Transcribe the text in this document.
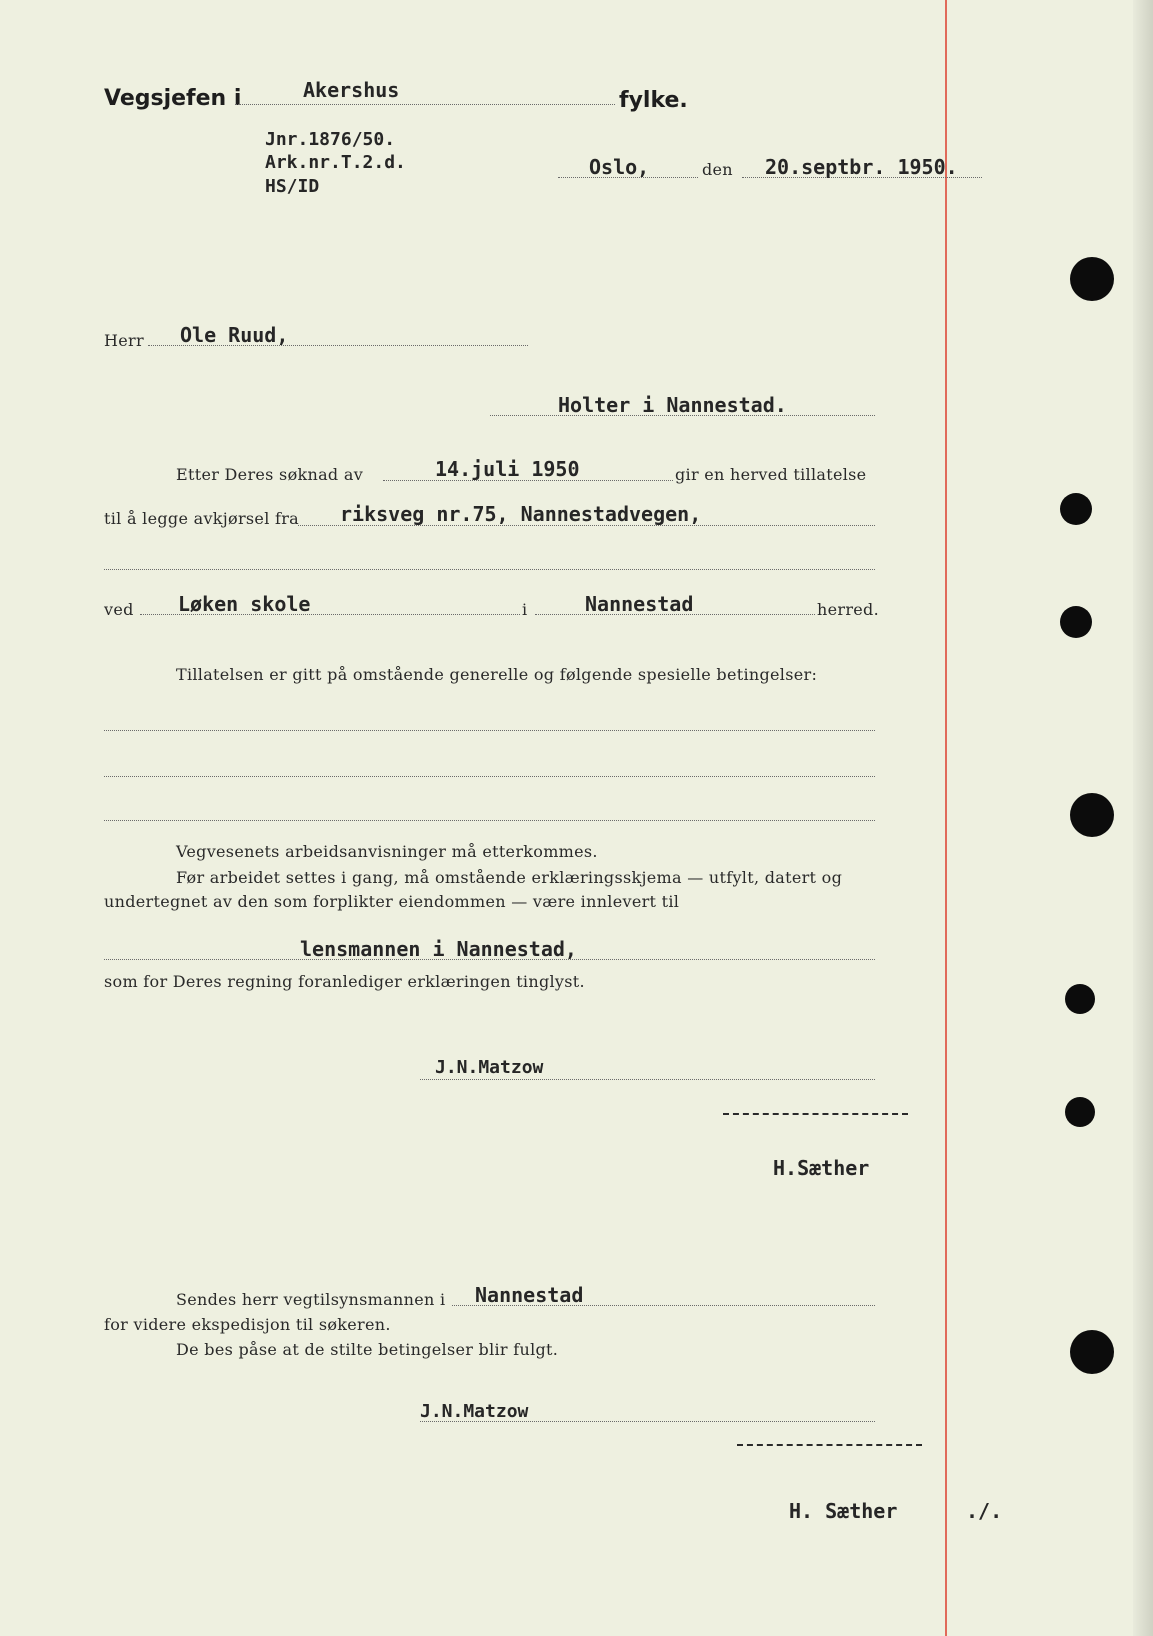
Vegsjefen i	Akershus	fylke.
Jnr.1876/50.
Ark.nr.T.2.d.
HS/ID
Oslo,	den 20.septbr. 1950.
Herr Ole Ruud,
Holter i Nannestad.
Etter Deres søknad av	14.juli 1950	gir en herved tillatelse
til å legge avkjørsel fra riksveg nr.75, Nannestadvegen,
ved Løken skole	i	Nannestad	herred.
Tillatelsen er gitt på omstående generelle og følgende spesielle betingelser:
Vegvesenets arbeidsanvisninger må etterkommes.
Før arbeidet settes i gang, må omstående erklæringsskjema — utfylt, datert og
undertegnet av den som forplikter eiendommen — være innlevert til
lensmannen i Nannestad,
som for Deres regning foranlediger erklæringen tinglyst.
J.N.Matzow
H.Sæther
Sendes herr vegtilsynsmannen i Nannestad
for videre ekspedisjon til søkeren.
De bes påse at de stilte betingelser blir fulgt.
J.N.Matzow
H. Sæther	./.
